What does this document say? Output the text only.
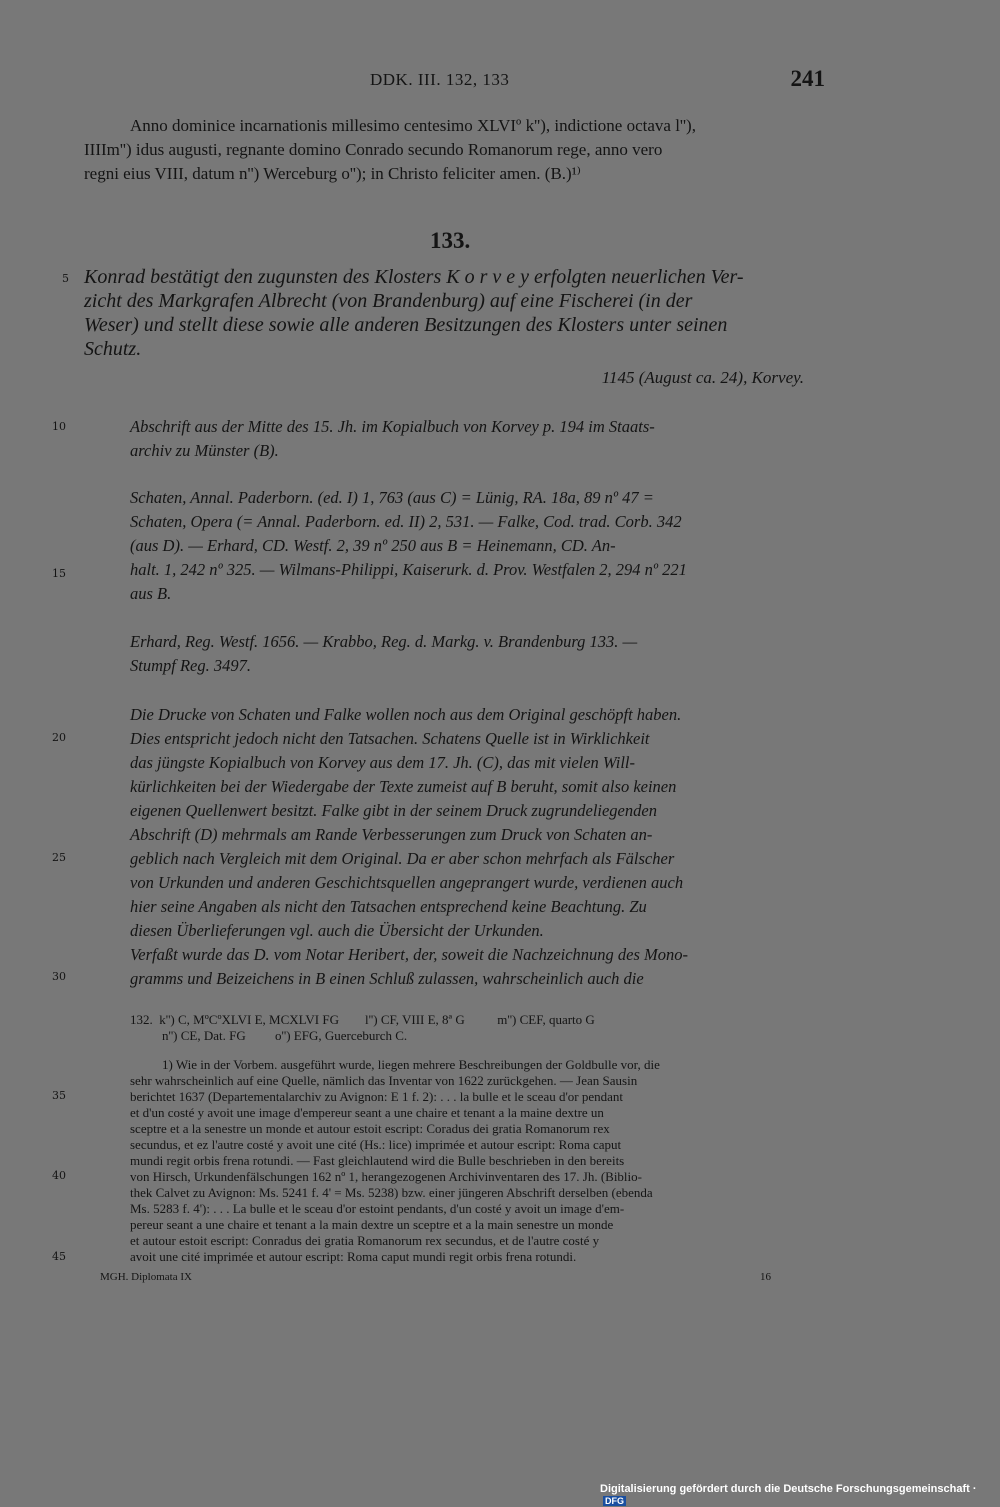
DDK. III. 132, 133	241

Anno dominice incarnationis millesimo centesimo XLVIº k''), indictione octava l''),

IIIIm'') idus augusti, regnante domino Conrado secundo Romanorum rege, anno vero

regni eius VIII, datum n'') Werceburg o''); in Christo feliciter amen. (B.)¹⁾

133.

Konrad bestätigt den zugunsten des Klosters K o r v e y erfolgten neuerlichen Ver-

zicht des Markgrafen Albrecht (von Brandenburg) auf eine Fischerei (in der

Weser) und stellt diese sowie alle anderen Besitzungen des Klosters unter seinen

Schutz.

1145 (August ca. 24), Korvey.

Abschrift aus der Mitte des 15. Jh. im Kopialbuch von Korvey p. 194 im Staats-

archiv zu Münster (B).

Schaten, Annal. Paderborn. (ed. I) 1, 763 (aus C) = Lünig, RA. 18a, 89 nº 47 =

Schaten, Opera (= Annal. Paderborn. ed. II) 2, 531. — Falke, Cod. trad. Corb. 342

(aus D). — Erhard, CD. Westf. 2, 39 nº 250 aus B = Heinemann, CD. An-

halt. 1, 242 nº 325. — Wilmans-Philippi, Kaiserurk. d. Prov. Westfalen 2, 294 nº 221

aus B.

Erhard, Reg. Westf. 1656. — Krabbo, Reg. d. Markg. v. Brandenburg 133. —

Stumpf Reg. 3497.

Die Drucke von Schaten und Falke wollen noch aus dem Original geschöpft haben.

Dies entspricht jedoch nicht den Tatsachen. Schatens Quelle ist in Wirklichkeit

das jüngste Kopialbuch von Korvey aus dem 17. Jh. (C), das mit vielen Will-

kürlichkeiten bei der Wiedergabe der Texte zumeist auf B beruht, somit also keinen

eigenen Quellenwert besitzt. Falke gibt in der seinem Druck zugrundeliegenden

Abschrift (D) mehrmals am Rande Verbesserungen zum Druck von Schaten an-

geblich nach Vergleich mit dem Original. Da er aber schon mehrfach als Fälscher

von Urkunden und anderen Geschichtsquellen angeprangert wurde, verdienen auch

hier seine Angaben als nicht den Tatsachen entsprechend keine Beachtung. Zu

diesen Überlieferungen vgl. auch die Übersicht der Urkunden.

Verfaßt wurde das D. vom Notar Heribert, der, soweit die Nachzeichnung des Mono-

gramms und Beizeichens in B einen Schluß zulassen, wahrscheinlich auch die

132.  k'') C, MºCºXLVI E, MCXLVI FG        l'') CF, VIII E, 8ª G          m'') CEF, quarto G

n'') CE, Dat. FG         o'') EFG, Guerceburch C.

1) Wie in der Vorbem. ausgeführt wurde, liegen mehrere Beschreibungen der Goldbulle vor, die

sehr wahrscheinlich auf eine Quelle, nämlich das Inventar von 1622 zurückgehen. — Jean Sausin

berichtet 1637 (Departementalarchiv zu Avignon: E 1 f. 2): . . . la bulle et le sceau d'or pendant

et d'un costé y avoit une image d'empereur seant a une chaire et tenant a la maine dextre un

sceptre et a la senestre un monde et autour estoit escript: Coradus dei gratia Romanorum rex

secundus, et ez l'autre costé y avoit une cité (Hs.: lice) imprimée et autour escript: Roma caput

mundi regit orbis frena rotundi. — Fast gleichlautend wird die Bulle beschrieben in den bereits

von Hirsch, Urkundenfälschungen 162 nº 1, herangezogenen Archivinventaren des 17. Jh. (Biblio-

thek Calvet zu Avignon: Ms. 5241 f. 4' = Ms. 5238) bzw. einer jüngeren Abschrift derselben (ebenda

Ms. 5283 f. 4'): . . . La bulle et le sceau d'or estoint pendants, d'un costé y avoit un image d'em-

pereur seant a une chaire et tenant a la main dextre un sceptre et a la main senestre un monde

et autour estoit escript: Conradus dei gratia Romanorum rex secundus, et de l'autre costé y

avoit une cité imprimée et autour escript: Roma caput mundi regit orbis frena rotundi.

5
10
15
20
25
30
35
40
45
MGH. Diplomata IX	16
Digitalisierung gefördert durch die Deutsche Forschungsgemeinschaft ·DFG
